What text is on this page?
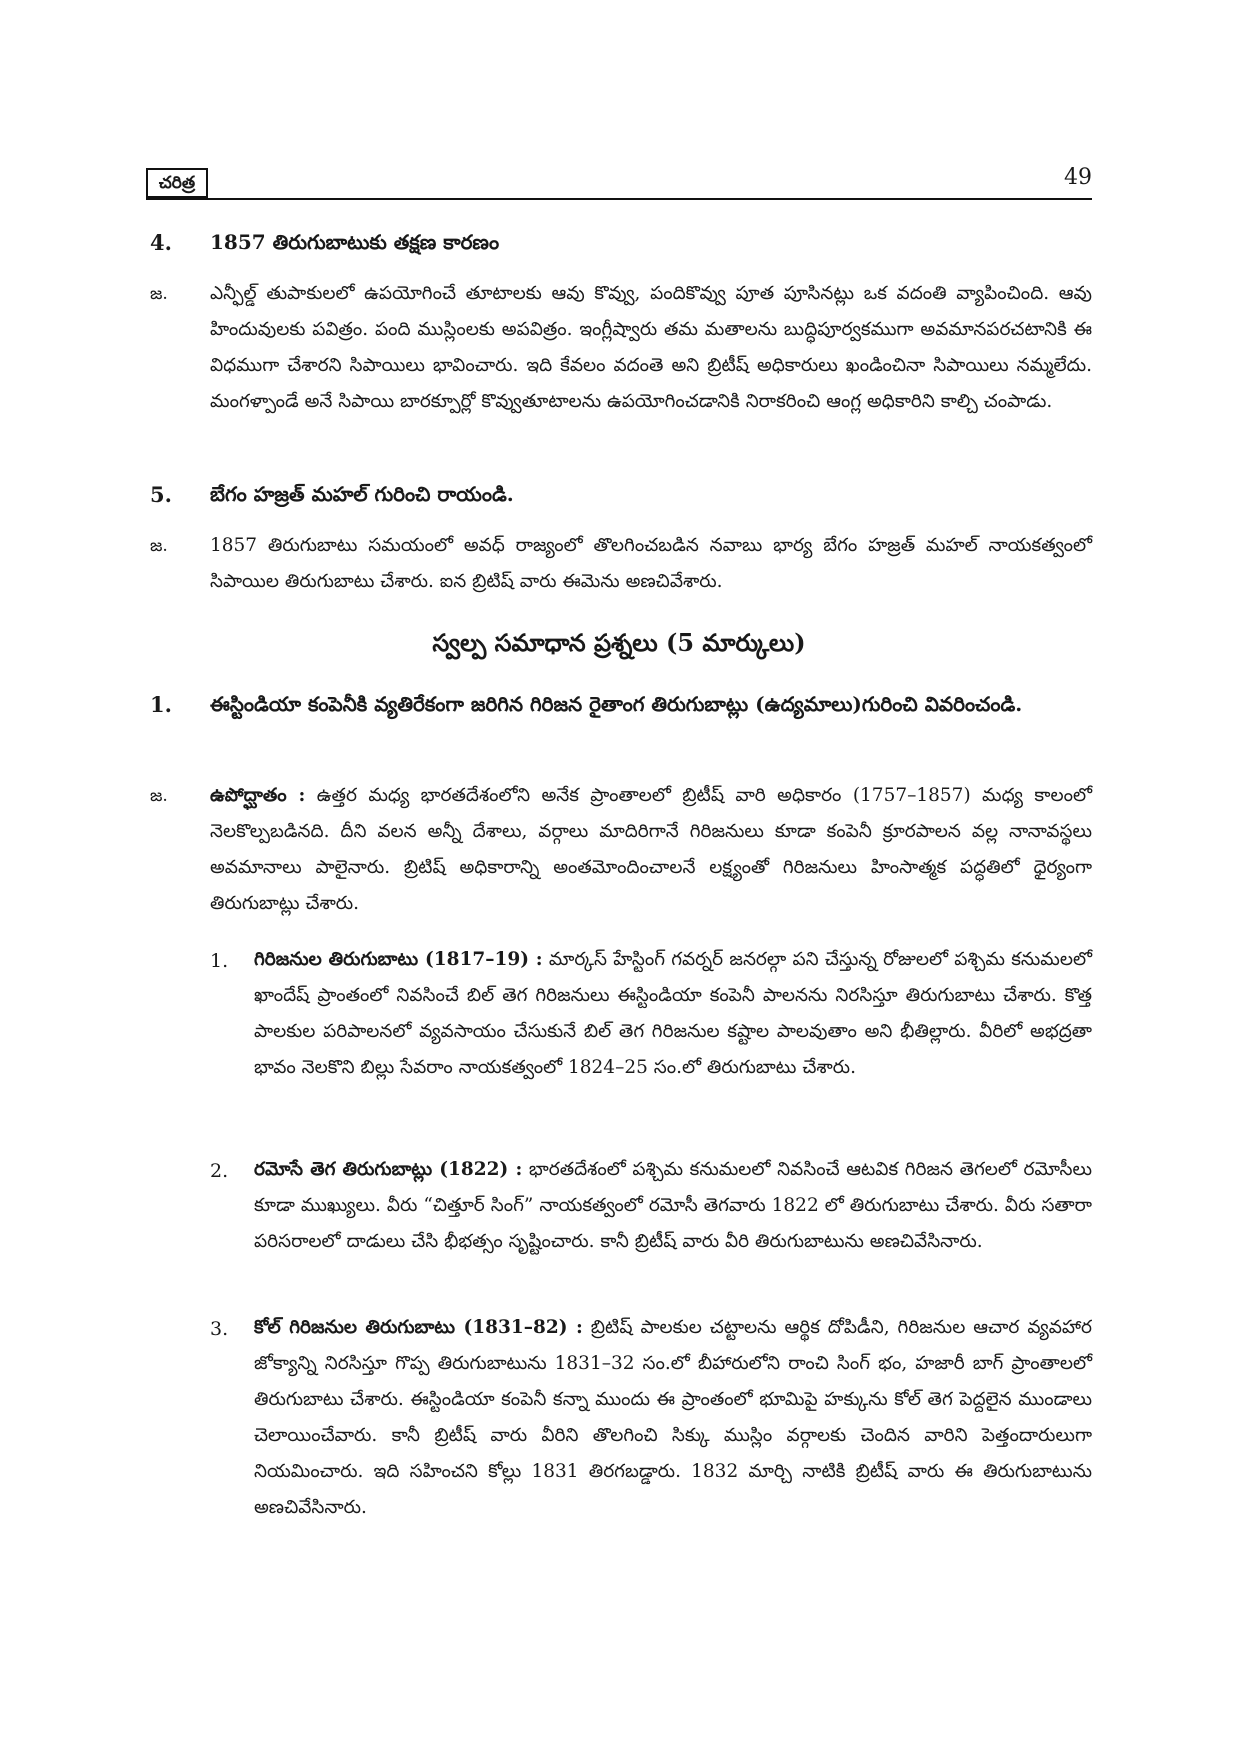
చరిత్ర	49
4. 1857 తిరుగుబాటుకు తక్షణ కారణం
జ. ఎన్ఫీల్డ్ తుపాకులలో ఉపయోగించే తూటాలకు ఆవు కొవ్వు, పందికొవ్వు పూత పూసినట్లు ఒక వదంతి వ్యాపించింది. ఆవు హిందువులకు పవిత్రం. పంది ముస్లింలకు అపవిత్రం. ఇంగ్లీష్వారు తమ మతాలను బుద్ధిపూర్వకముగా అవమానపరచటానికి ఈ విధముగా చేశారని సిపాయిలు భావించారు. ఇది కేవలం వదంతె అని బ్రిటీష్ అధికారులు ఖండించినా సిపాయిలు నమ్మలేదు. మంగళ్పాండే అనే సిపాయి బారక్పూర్లో కొవ్వుతూటాలను ఉపయోగించడానికి నిరాకరించి ఆంగ్ల అధికారిని కాల్చి చంపాడు.
5. బేగం హజ్రత్ మహల్ గురించి రాయండి.
జ. 1857 తిరుగుబాటు సమయంలో అవధ్ రాజ్యంలో తొలగించబడిన నవాబు భార్య బేగం హజ్రత్ మహల్ నాయకత్వంలో సిపాయిల తిరుగుబాటు చేశారు. ఐన బ్రిటిష్ వారు ఈమెను అణచివేశారు.
స్వల్ప సమాధాన ప్రశ్నలు (5 మార్కులు)
1. ఈస్టిండియా కంపెనీకి వ్యతిరేకంగా జరిగిన గిరిజన రైతాంగ తిరుగుబాట్లు (ఉద్యమాలు)గురించి వివరించండి.
జ. ఉపోద్ఘాతం : ఉత్తర మధ్య భారతదేశంలోని అనేక ప్రాంతాలలో బ్రిటీష్ వారి అధికారం (1757–1857) మధ్య కాలంలో నెలకొల్పబడినది. దీని వలన అన్నీ దేశాలు, వర్గాలు మాదిరిగానే గిరిజనులు కూడా కంపెనీ క్రూరపాలన వల్ల నానావస్థలు అవమానాలు పాలైనారు. బ్రిటిష్ అధికారాన్ని అంతమోందించాలనే లక్ష్యంతో గిరిజనులు హింసాత్మక పద్ధతిలో ధైర్యంగా తిరుగుబాట్లు చేశారు.
1. గిరిజనుల తిరుగుబాటు (1817–19) : మార్కస్ హేస్టింగ్ గవర్నర్ జనరల్గా పని చేస్తున్న రోజులలో పశ్చిమ కనుమలలో ఖాందేష్ ప్రాంతంలో నివసించే బిల్ తెగ గిరిజనులు ఈస్టిండియా కంపెనీ పాలనను నిరసిస్తూ తిరుగుబాటు చేశారు. కొత్త పాలకుల పరిపాలనలో వ్యవసాయం చేసుకునే బిల్ తెగ గిరిజనుల కష్టాల పాలవుతాం అని భీతిల్లారు. వీరిలో అభద్రతా భావం నెలకొని బిల్లు సేవరాం నాయకత్వంలో 1824–25 సం.లో తిరుగుబాటు చేశారు.
2. రమోసే తెగ తిరుగుబాట్లు (1822) : భారతదేశంలో పశ్చిమ కనుమలలో నివసించే ఆటవిక గిరిజన తెగలలో రమోసీలు కూడా ముఖ్యులు. వీరు “చిత్తూర్ సింగ్” నాయకత్వంలో రమోసీ తెగవారు 1822 లో తిరుగుబాటు చేశారు. వీరు సతారా పరిసరాలలో దాడులు చేసి భీభత్సం సృష్టించారు. కానీ బ్రిటీష్ వారు వీరి తిరుగుబాటును అణచివేసినారు.
3. కోల్ గిరిజనుల తిరుగుబాటు (1831–82) : బ్రిటిష్ పాలకుల చట్టాలను ఆర్థిక దోపిడీని, గిరిజనుల ఆచార వ్యవహార జోక్యాన్ని నిరసిస్తూ గొప్ప తిరుగుబాటును 1831–32 సం.లో బీహారులోని రాంచి సింగ్ భం, హజారీ బాగ్ ప్రాంతాలలో తిరుగుబాటు చేశారు. ఈస్టిండియా కంపెనీ కన్నా ముందు ఈ ప్రాంతంలో భూమిపై హక్కును కోల్ తెగ పెద్దలైన ముండాలు చెలాయించేవారు. కానీ బ్రిటీష్ వారు వీరిని తొలగించి సిక్కు ముస్లిం వర్గాలకు చెందిన వారిని పెత్తందారులుగా నియమించారు. ఇది సహించని కోల్లు 1831 తిరగబడ్డారు. 1832 మార్చి నాటికి బ్రిటీష్ వారు ఈ తిరుగుబాటును అణచివేసినారు.
